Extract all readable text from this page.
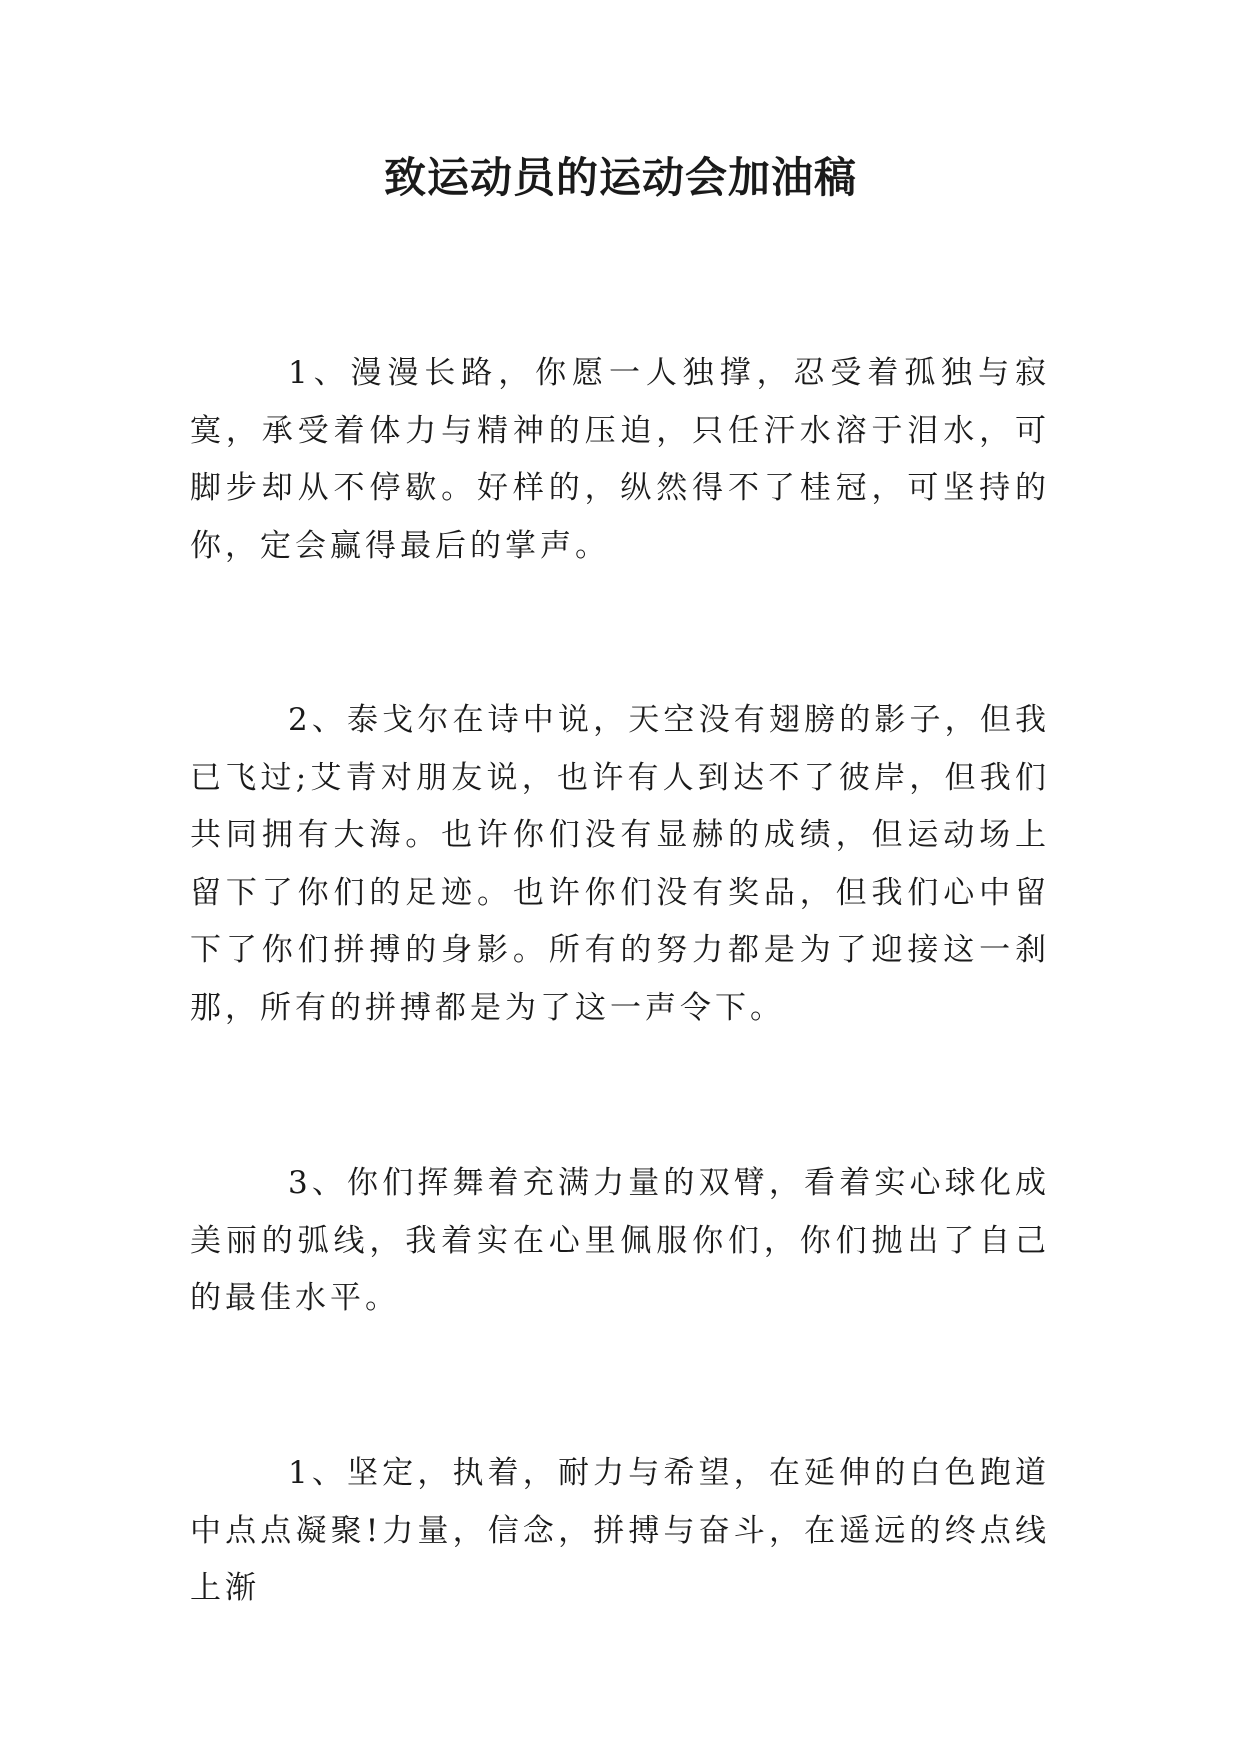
致运动员的运动会加油稿

1、漫漫长路，你愿一人独撑，忍受着孤独与寂寞，承受着体力与精神的压迫，只任汗水溶于泪水，可脚步却从不停歇。好样的，纵然得不了桂冠，可坚持的你，定会赢得最后的掌声。

2、泰戈尔在诗中说，天空没有翅膀的影子，但我已飞过;艾青对朋友说，也许有人到达不了彼岸，但我们共同拥有大海。也许你们没有显赫的成绩，但运动场上留下了你们的足迹。也许你们没有奖品，但我们心中留下了你们拼搏的身影。所有的努力都是为了迎接这一刹那，所有的拼搏都是为了这一声令下。

3、你们挥舞着充满力量的双臂，看着实心球化成美丽的弧线，我着实在心里佩服你们，你们抛出了自己的最佳水平。

1、坚定，执着，耐力与希望，在延伸的白色跑道中点点凝聚!力量，信念，拼搏与奋斗，在遥远的终点线上渐
